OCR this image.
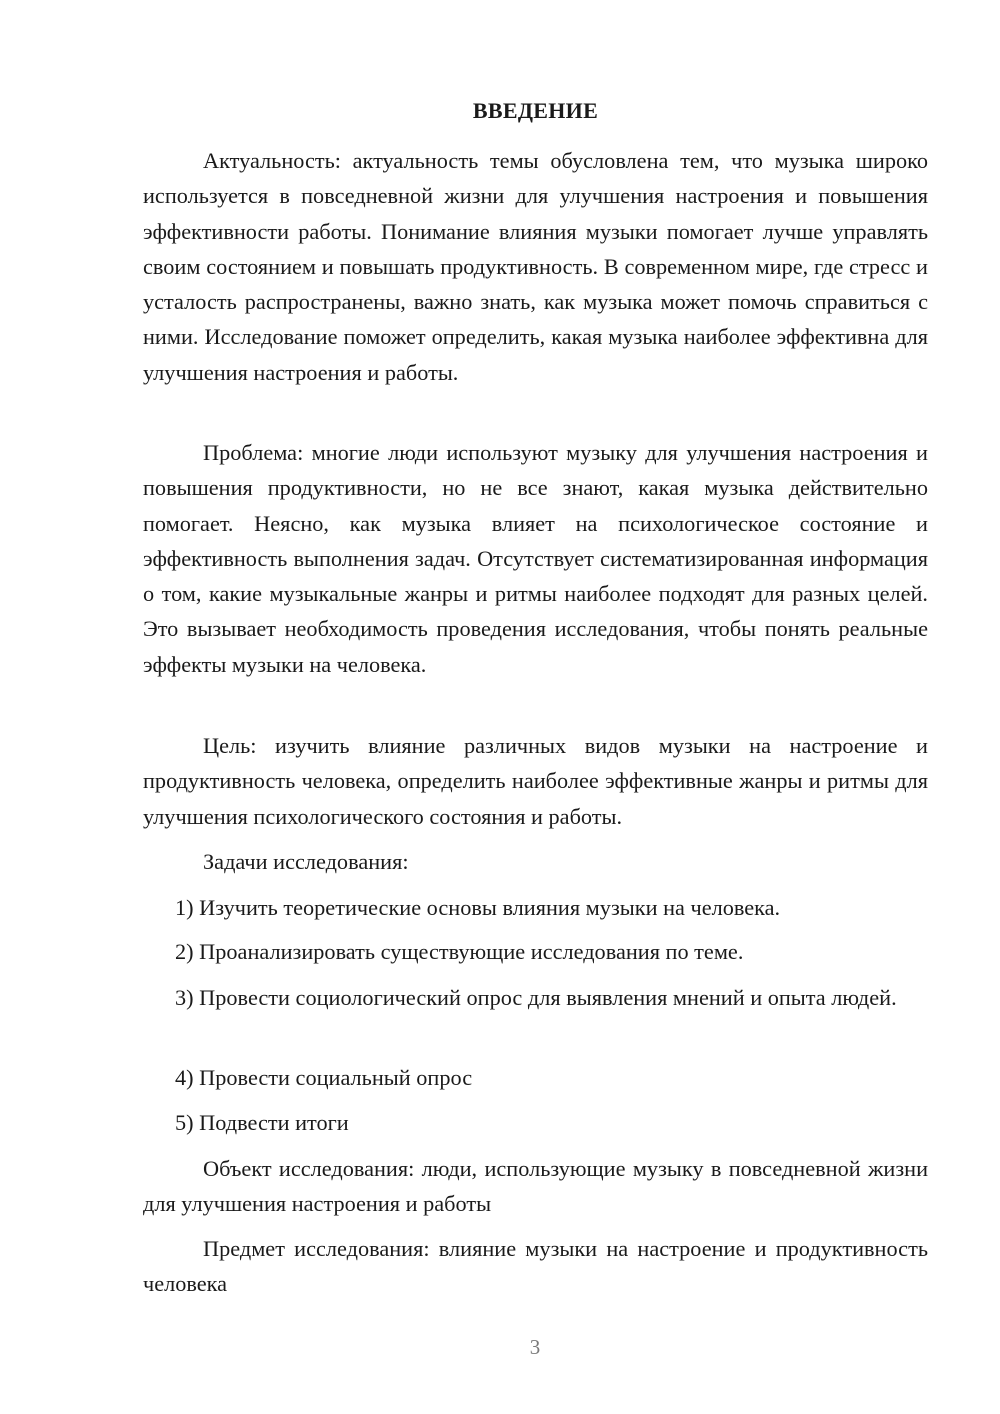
ВВЕДЕНИЕ

Актуальность: актуальность темы обусловлена тем, что музыка широко используется в повседневной жизни для улучшения настроения и повышения эффективности работы. Понимание влияния музыки помогает лучше управлять своим состоянием и повышать продуктивность. В современном мире, где стресс и усталость распространены, важно знать, как музыка может помочь справиться с ними. Исследование поможет определить, какая музыка наиболее эффективна для улучшения настроения и работы.

Проблема: многие люди используют музыку для улучшения настроения и повышения продуктивности, но не все знают, какая музыка действительно помогает. Неясно, как музыка влияет на психологическое состояние и эффективность выполнения задач. Отсутствует систематизированная информация о том, какие музыкальные жанры и ритмы наиболее подходят для разных целей. Это вызывает необходимость проведения исследования, чтобы понять реальные эффекты музыки на человека.

Цель: изучить влияние различных видов музыки на настроение и продуктивность человека, определить наиболее эффективные жанры и ритмы для улучшения психологического состояния и работы.

Задачи исследования:

1) Изучить теоретические основы влияния музыки на человека.

2) Проанализировать существующие исследования по теме.

3) Провести социологический опрос для выявления мнений и опыта людей.

4) Провести социальный опрос

5) Подвести итоги

Объект исследования: люди, использующие музыку в повседневной жизни для улучшения настроения и работы

Предмет исследования: влияние музыки на настроение и продуктивность человека

3
